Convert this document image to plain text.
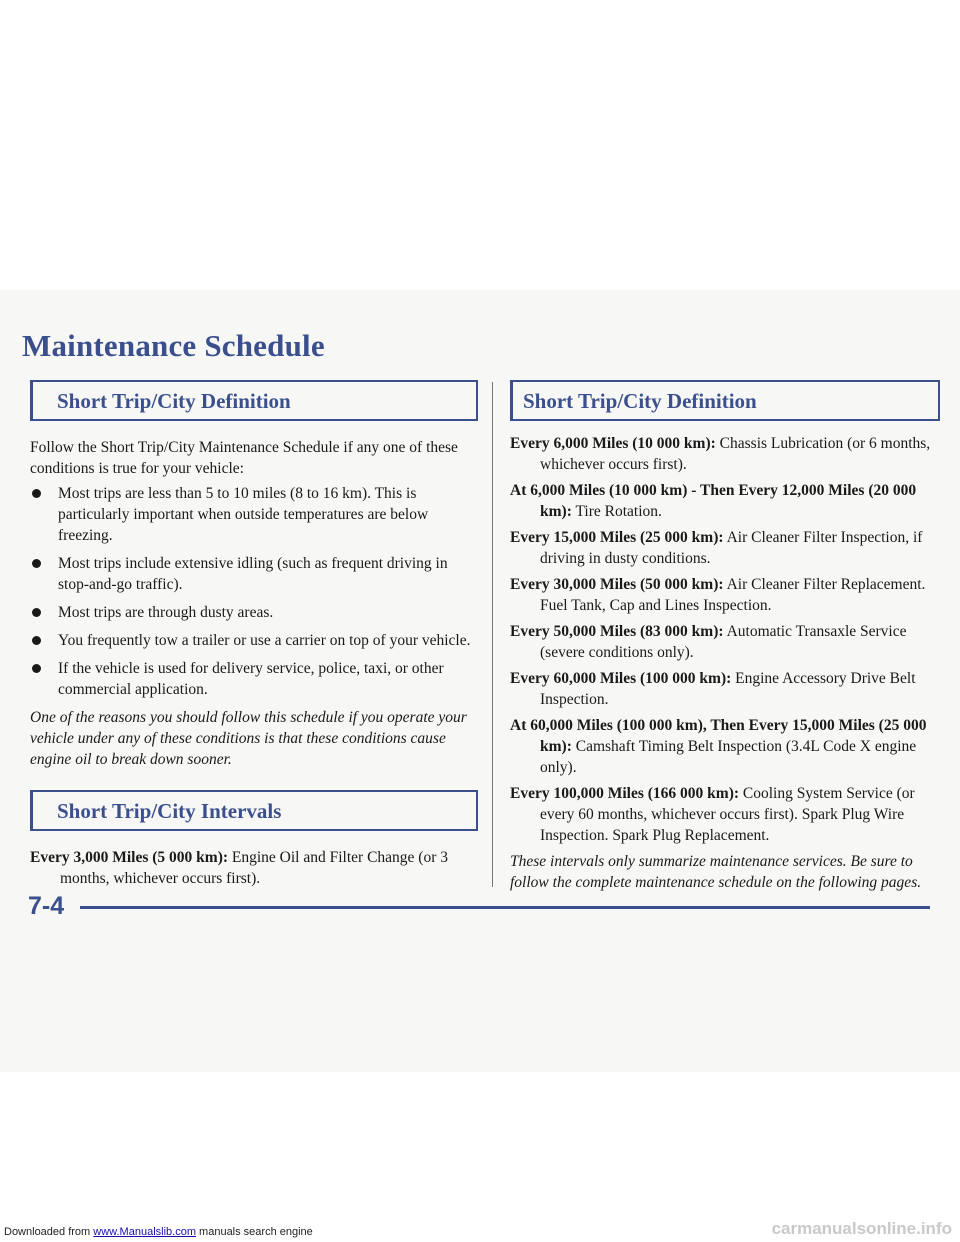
Maintenance Schedule
Short Trip/City Definition

Follow the Short Trip/City Maintenance Schedule if any one of these conditions is true for your vehicle:

Most trips are less than 5 to 10 miles (8 to 16 km). This is particularly important when outside temperatures are below freezing.
Most trips include extensive idling (such as frequent driving in stop-and-go traffic).
Most trips are through dusty areas.
You frequently tow a trailer or use a carrier on top of your vehicle.
If the vehicle is used for delivery service, police, taxi, or other commercial application.

One of the reasons you should follow this schedule if you operate your vehicle under any of these conditions is that these conditions cause engine oil to break down sooner.

Short Trip/City Intervals

Every 3,000 Miles (5 000 km): Engine Oil and Filter Change (or 3 months, whichever occurs first).

Short Trip/City Definition

Every 6,000 Miles (10 000 km): Chassis Lubrication (or 6 months, whichever occurs first).

At 6,000 Miles (10 000 km) - Then Every 12,000 Miles (20 000 km): Tire Rotation.

Every 15,000 Miles (25 000 km): Air Cleaner Filter Inspection, if driving in dusty conditions.

Every 30,000 Miles (50 000 km): Air Cleaner Filter Replacement. Fuel Tank, Cap and Lines Inspection.

Every 50,000 Miles (83 000 km): Automatic Transaxle Service (severe conditions only).

Every 60,000 Miles (100 000 km): Engine Accessory Drive Belt Inspection.

At 60,000 Miles (100 000 km), Then Every 15,000 Miles (25 000 km): Camshaft Timing Belt Inspection (3.4L Code X engine only).

Every 100,000 Miles (166 000 km): Cooling System Service (or every 60 months, whichever occurs first). Spark Plug Wire Inspection. Spark Plug Replacement.

These intervals only summarize maintenance services. Be sure to follow the complete maintenance schedule on the following pages.

7-4
Downloaded from www.Manualslib.com manuals search engine	carmanualsonline.info
